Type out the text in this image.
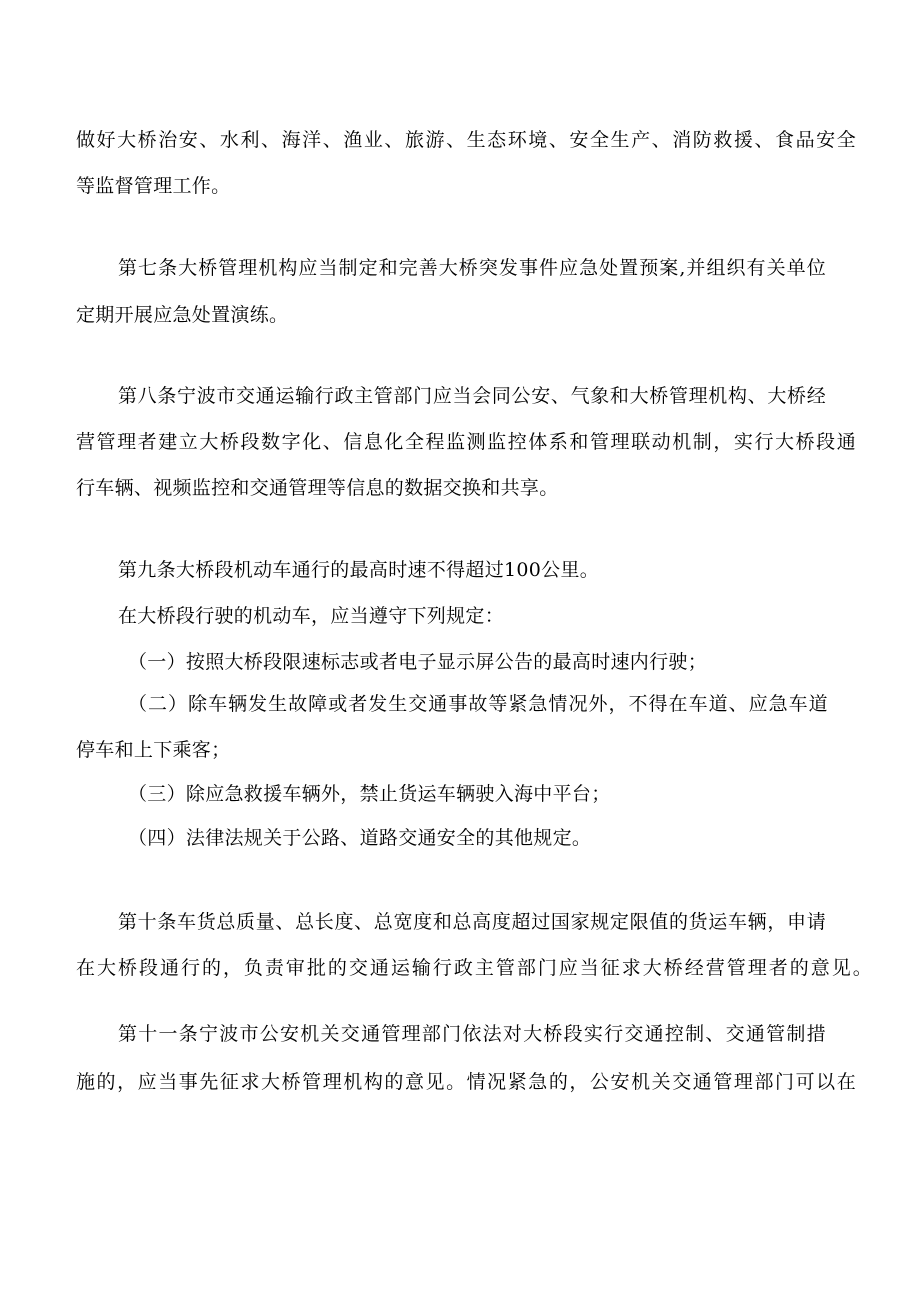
做好大桥治安、水利、海洋、渔业、旅游、生态环境、安全生产、消防救援、食品安全
等监督管理工作。
第七条大桥管理机构应当制定和完善大桥突发事件应急处置预案,并组织有关单位
定期开展应急处置演练。
第八条宁波市交通运输行政主管部门应当会同公安、气象和大桥管理机构、大桥经
营管理者建立大桥段数字化、信息化全程监测监控体系和管理联动机制，实行大桥段通
行车辆、视频监控和交通管理等信息的数据交换和共享。
第九条大桥段机动车通行的最高时速不得超过100公里。
在大桥段行驶的机动车，应当遵守下列规定：
（一）按照大桥段限速标志或者电子显示屏公告的最高时速内行驶；
（二）除车辆发生故障或者发生交通事故等紧急情况外，不得在车道、应急车道
停车和上下乘客；
（三）除应急救援车辆外，禁止货运车辆驶入海中平台；
（四）法律法规关于公路、道路交通安全的其他规定。
第十条车货总质量、总长度、总宽度和总高度超过国家规定限值的货运车辆，申请
在大桥段通行的，负责审批的交通运输行政主管部门应当征求大桥经营管理者的意见。
第十一条宁波市公安机关交通管理部门依法对大桥段实行交通控制、交通管制措
施的，应当事先征求大桥管理机构的意见。情况紧急的，公安机关交通管理部门可以在
